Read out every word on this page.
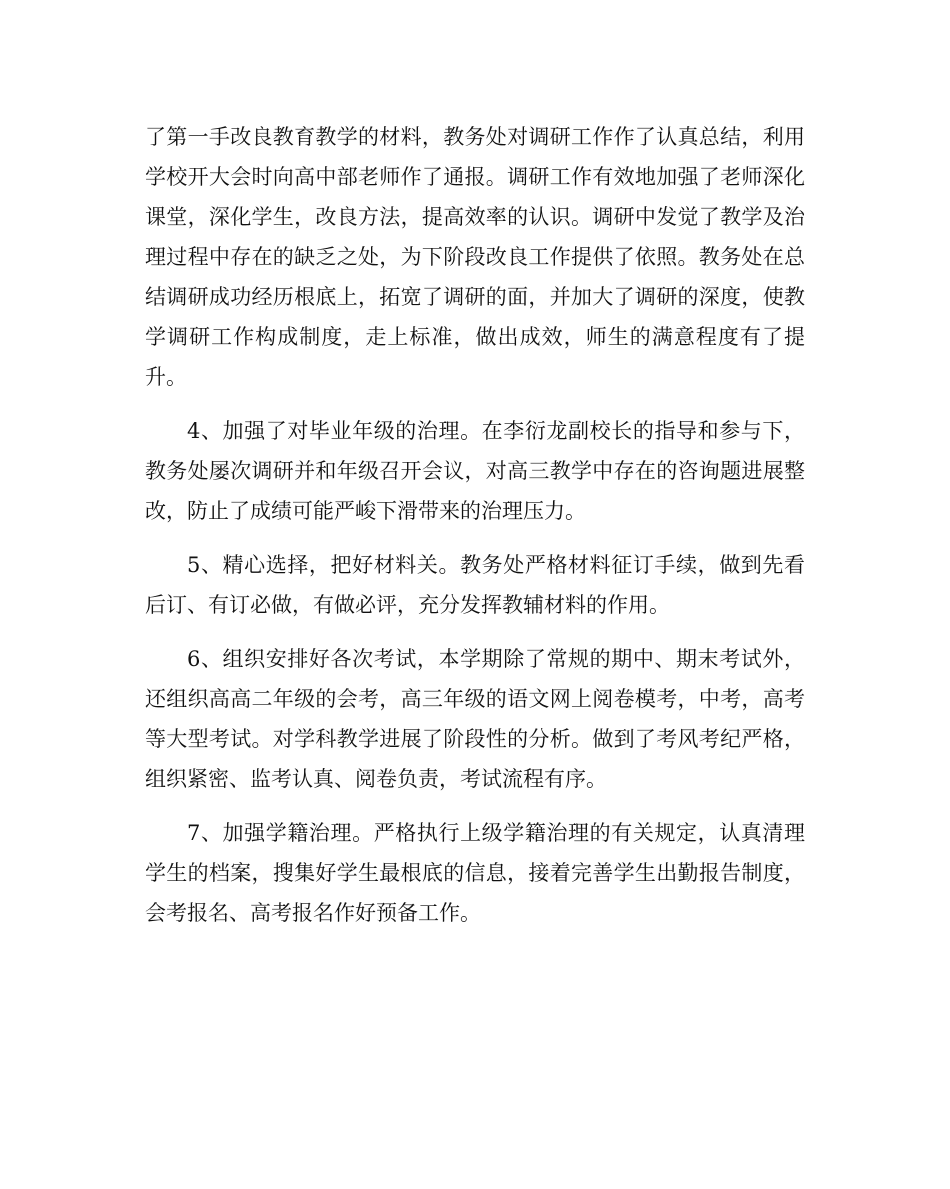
了第一手改良教育教学的材料，教务处对调研工作作了认真总结，利用学校开大会时向高中部老师作了通报。调研工作有效地加强了老师深化课堂，深化学生，改良方法，提高效率的认识。调研中发觉了教学及治理过程中存在的缺乏之处，为下阶段改良工作提供了依照。教务处在总结调研成功经历根底上，拓宽了调研的面，并加大了调研的深度，使教学调研工作构成制度，走上标准，做出成效，师生的满意程度有了提升。

4、加强了对毕业年级的治理。在李衍龙副校长的指导和参与下，教务处屡次调研并和年级召开会议，对高三教学中存在的咨询题进展整改，防止了成绩可能严峻下滑带来的治理压力。

5、精心选择，把好材料关。教务处严格材料征订手续，做到先看后订、有订必做，有做必评，充分发挥教辅材料的作用。

6、组织安排好各次考试，本学期除了常规的期中、期末考试外，还组织高高二年级的会考，高三年级的语文网上阅卷模考，中考，高考等大型考试。对学科教学进展了阶段性的分析。做到了考风考纪严格，组织紧密、监考认真、阅卷负责，考试流程有序。

7、加强学籍治理。严格执行上级学籍治理的有关规定，认真清理学生的档案，搜集好学生最根底的信息，接着完善学生出勤报告制度，会考报名、高考报名作好预备工作。
